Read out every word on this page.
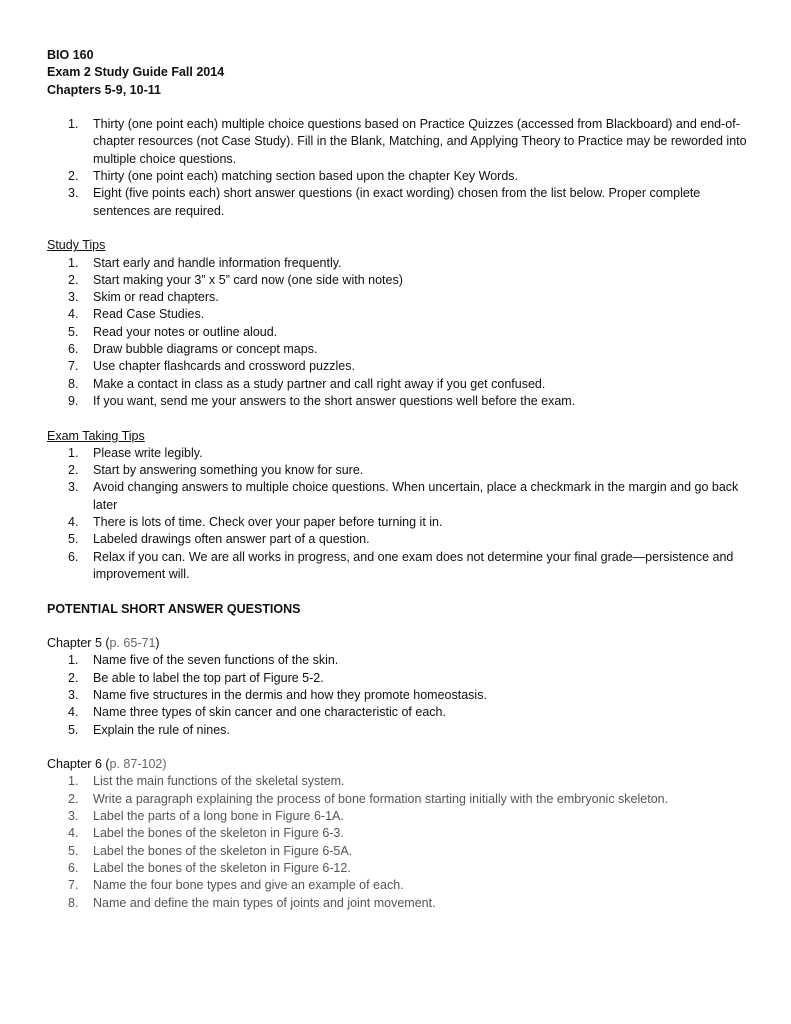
BIO 160
Exam 2 Study Guide Fall 2014
Chapters 5-9, 10-11
1. Thirty (one point each) multiple choice questions based on Practice Quizzes (accessed from Blackboard) and end-of-chapter resources (not Case Study). Fill in the Blank, Matching, and Applying Theory to Practice may be reworded into multiple choice questions.
2. Thirty (one point each) matching section based upon the chapter Key Words.
3. Eight (five points each) short answer questions (in exact wording) chosen from the list below. Proper complete sentences are required.
Study Tips
1. Start early and handle information frequently.
2. Start making your 3” x 5” card now (one side with notes)
3. Skim or read chapters.
4. Read Case Studies.
5. Read your notes or outline aloud.
6. Draw bubble diagrams or concept maps.
7. Use chapter flashcards and crossword puzzles.
8. Make a contact in class as a study partner and call right away if you get confused.
9. If you want, send me your answers to the short answer questions well before the exam.
Exam Taking Tips
1. Please write legibly.
2. Start by answering something you know for sure.
3. Avoid changing answers to multiple choice questions. When uncertain, place a checkmark in the margin and go back later
4. There is lots of time. Check over your paper before turning it in.
5. Labeled drawings often answer part of a question.
6. Relax if you can. We are all works in progress, and one exam does not determine your final grade—persistence and improvement will.
POTENTIAL SHORT ANSWER QUESTIONS
Chapter 5 (p. 65-71)
1. Name five of the seven functions of the skin.
2. Be able to label the top part of Figure 5-2.
3. Name five structures in the dermis and how they promote homeostasis.
4. Name three types of skin cancer and one characteristic of each.
5. Explain the rule of nines.
Chapter 6 (p. 87-102)
1. List the main functions of the skeletal system.
2. Write a paragraph explaining the process of bone formation starting initially with the embryonic skeleton.
3. Label the parts of a long bone in Figure 6-1A.
4. Label the bones of the skeleton in Figure 6-3.
5. Label the bones of the skeleton in Figure 6-5A.
6. Label the bones of the skeleton in Figure 6-12.
7. Name the four bone types and give an example of each.
8. Name and define the main types of joints and joint movement.
